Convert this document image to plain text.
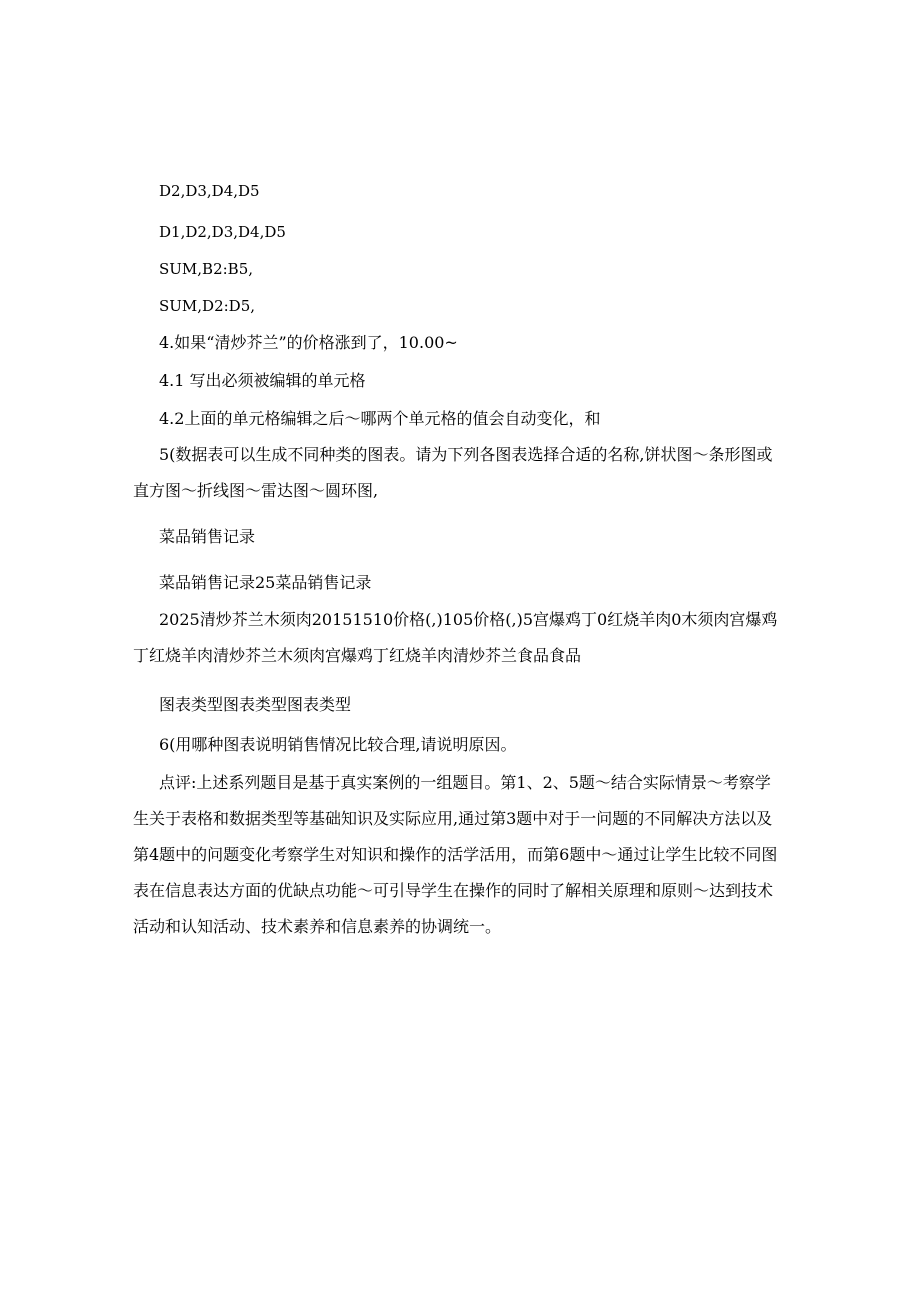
D2,D3,D4,D5
D1,D2,D3,D4,D5
SUM,B2:B5,
SUM,D2:D5,
4.如果“清炒芥兰”的价格涨到了，10.00~
4.1 写出必须被编辑的单元格
4.2上面的单元格编辑之后～哪两个单元格的值会自动变化，和
5(数据表可以生成不同种类的图表。请为下列各图表选择合适的名称,饼状图～条形图或直方图～折线图～雷达图～圆环图,
菜品销售记录
菜品销售记录25菜品销售记录
2025清炒芥兰木须肉20151510价格(,)105价格(,)5宫爆鸡丁0红烧羊肉0木须肉宫爆鸡丁红烧羊肉清炒芥兰木须肉宫爆鸡丁红烧羊肉清炒芥兰食品食品
图表类型图表类型图表类型
6(用哪种图表说明销售情况比较合理,请说明原因。
点评:上述系列题目是基于真实案例的一组题目。第1、2、5题～结合实际情景～考察学生关于表格和数据类型等基础知识及实际应用,通过第3题中对于一问题的不同解决方法以及第4题中的问题变化考察学生对知识和操作的活学活用，而第6题中～通过让学生比较不同图表在信息表达方面的优缺点功能～可引导学生在操作的同时了解相关原理和原则～达到技术活动和认知活动、技术素养和信息素养的协调统一。
